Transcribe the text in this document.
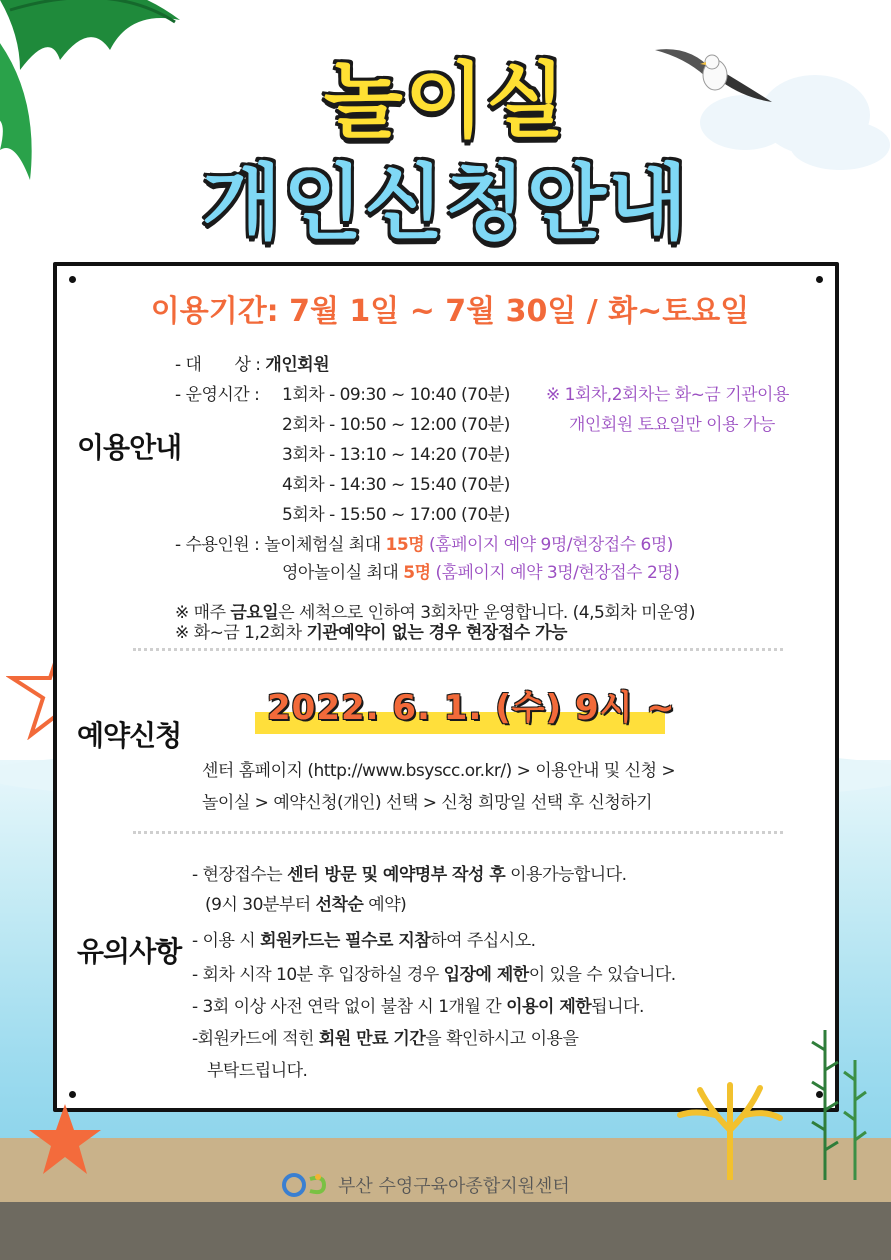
놀이실
개인신청안내
이용기간: 7월 1일 ~ 7월 30일 / 화~토요일
이용안내
- 대　　상 : 개인회원
- 운영시간 : 1회차 - 09:30 ~ 10:40 (70분) ※ 1회차,2회차는 화~금 기관이용
2회차 - 10:50 ~ 12:00 (70분)	개인회원 토요일만 이용 가능
3회차 - 13:10 ~ 14:20 (70분)
4회차 - 14:30 ~ 15:40 (70분)
5회차 - 15:50 ~ 17:00 (70분)
- 수용인원 : 놀이체험실 최대 15명 (홈페이지 예약 9명/현장접수 6명)
영아놀이실 최대 5명 (홈페이지 예약 3명/현장접수 2명)
※ 매주 금요일은 세척으로 인하여 3회차만 운영합니다. (4,5회차 미운영)
※ 화~금 1,2회차 기관예약이 없는 경우 현장접수 가능
2022. 6. 1. (수) 9시 ~
예약신청
센터 홈페이지 (http://www.bsyscc.or.kr/) > 이용안내 및 신청 >
놀이실 > 예약신청(개인) 선택 > 신청 희망일 선택 후 신청하기
유의사항
- 현장접수는 센터 방문 및 예약명부 작성 후 이용가능합니다.
(9시 30분부터 선착순 예약)
- 이용 시 회원카드는 필수로 지참하여 주십시오.
- 회차 시작 10분 후 입장하실 경우 입장에 제한이 있을 수 있습니다.
- 3회 이상 사전 연락 없이 불참 시 1개월 간 이용이 제한됩니다.
-회원카드에 적힌 회원 만료 기간을 확인하시고 이용을
부탁드립니다.
부산 수영구육아종합지원센터
